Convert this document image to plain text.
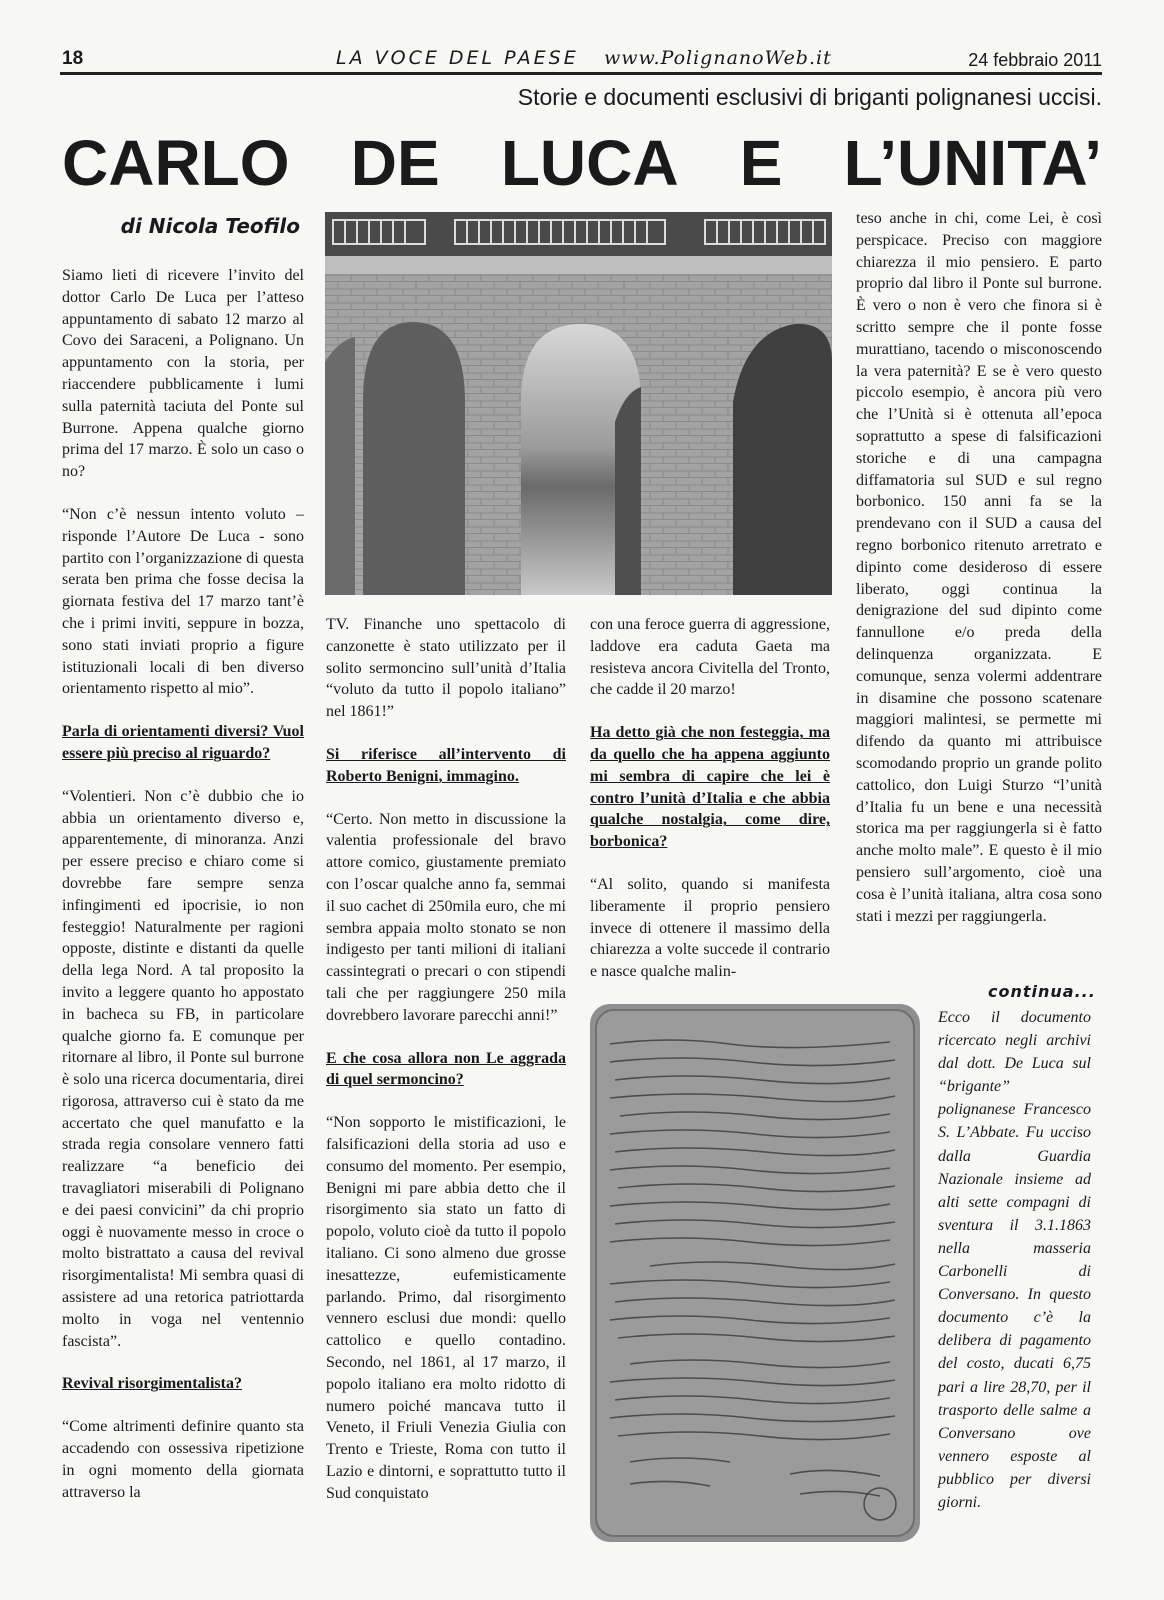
18	LA VOCE DEL PAESE www.PolignanoWeb.it	24 febbraio 2011
Storie e documenti esclusivi di briganti polignanesi uccisi.
CARLO DE LUCA E L’UNITA’
di Nicola Teofilo

Siamo lieti di ricevere l’invito del dottor Carlo De Luca per l’atteso appuntamento di sabato 12 marzo al Covo dei Saraceni, a Polignano. Un appuntamento con la storia, per riaccendere pubblicamente i lumi sulla paternità taciuta del Ponte sul Burrone. Appena qualche giorno prima del 17 marzo. È solo un caso o no?

“Non c’è nessun intento voluto – risponde l’Autore De Luca - sono partito con l’organizzazione di questa serata ben prima che fosse decisa la giornata festiva del 17 marzo tant’è che i primi inviti, seppure in bozza, sono stati inviati proprio a figure istituzionali locali di ben diverso orientamento rispetto al mio”.

Parla di orientamenti diversi? Vuol essere più preciso al riguardo?

“Volentieri. Non c’è dubbio che io abbia un orientamento diverso e, apparentemente, di minoranza. Anzi per essere preciso e chiaro come si dovrebbe fare sempre senza infingimenti ed ipocrisie, io non festeggio! Naturalmente per ragioni opposte, distinte e distanti da quelle della lega Nord. A tal proposito la invito a leggere quanto ho appostato in bacheca su FB, in particolare qualche giorno fa. E comunque per ritornare al libro, il Ponte sul burrone è solo una ricerca documentaria, direi rigorosa, attraverso cui è stato da me accertato che quel manufatto e la strada regia consolare vennero fatti realizzare “a beneficio dei travagliatori miserabili di Polignano e dei paesi convicini” da chi proprio oggi è nuovamente messo in croce o molto bistrattato a causa del revival risorgimentalista! Mi sembra quasi di assistere ad una retorica patriottarda molto in voga nel ventennio fascista”.

Revival risorgimentalista?

“Come altrimenti definire quanto sta accadendo con ossessiva ripetizione in ogni momento della giornata attraverso la

TV. Finanche uno spettacolo di canzonette è stato utilizzato per il solito sermoncino sull’unità d’Italia “voluto da tutto il popolo italiano” nel 1861!”

Si riferisce all’intervento di Roberto Benigni, immagino.

“Certo. Non metto in discussione la valentia professionale del bravo attore comico, giustamente premiato con l’oscar qualche anno fa, semmai il suo cachet di 250mila euro, che mi sembra appaia molto stonato se non indigesto per tanti milioni di italiani cassintegrati o precari o con stipendi tali che per raggiungere 250 mila dovrebbero lavorare parecchi anni!”

E che cosa allora non Le aggrada di quel sermoncino?

“Non sopporto le mistificazioni, le falsificazioni della storia ad uso e consumo del momento. Per esempio, Benigni mi pare abbia detto che il risorgimento sia stato un fatto di popolo, voluto cioè da tutto il popolo italiano. Ci sono almeno due grosse inesattezze, eufemisticamente parlando. Primo, dal risorgimento vennero esclusi due mondi: quello cattolico e quello contadino. Secondo, nel 1861, al 17 marzo, il popolo italiano era molto ridotto di numero poiché mancava tutto il Veneto, il Friuli Venezia Giulia con Trento e Trieste, Roma con tutto il Lazio e dintorni, e soprattutto tutto il Sud conquistato

con una feroce guerra di aggressione, laddove era caduta Gaeta ma resisteva ancora Civitella del Tronto, che cadde il 20 marzo!

Ha detto già che non festeggia, ma da quello che ha appena aggiunto mi sembra di capire che lei è contro l’unità d’Italia e che abbia qualche nostalgia, come dire, borbonica?

“Al solito, quando si manifesta liberamente il proprio pensiero invece di ottenere il massimo della chiarezza a volte succede il contrario e nasce qualche malin-

teso anche in chi, come Lei, è così perspicace. Preciso con maggiore chiarezza il mio pensiero. E parto proprio dal libro il Ponte sul burrone. È vero o non è vero che finora si è scritto sempre che il ponte fosse murattiano, tacendo o misconoscendo la vera paternità? E se è vero questo piccolo esempio, è ancora più vero che l’Unità si è ottenuta all’epoca soprattutto a spese di falsificazioni storiche e di una campagna diffamatoria sul SUD e sul regno borbonico. 150 anni fa se la prendevano con il SUD a causa del regno borbonico ritenuto arretrato e dipinto come desideroso di essere liberato, oggi continua la denigrazione del sud dipinto come fannullone e/o preda della delinquenza organizzata. E comunque, senza volermi addentrare in disamine che possono scatenare maggiori malintesi, se permette mi difendo da quanto mi attribuisce scomodando proprio un grande polito cattolico, don Luigi Sturzo “l’unità d’Italia fu un bene e una necessità storica ma per raggiungerla si è fatto anche molto male”. E questo è il mio pensiero sull’argomento, cioè una cosa è l’unità italiana, altra cosa sono stati i mezzi per raggiungerla.

continua...
Ecco il documento ricercato negli archivi dal dott. De Luca sul “brigante” polignanese Francesco S. L’Abbate. Fu ucciso dalla Guardia Nazionale insieme ad alti sette compagni di sventura il 3.1.1863 nella masseria Carbonelli di Conversano. In questo documento c’è la delibera di pagamento del costo, ducati 6,75 pari a lire 28,70, per il trasporto delle salme a Conversano ove vennero esposte al pubblico per diversi giorni.
